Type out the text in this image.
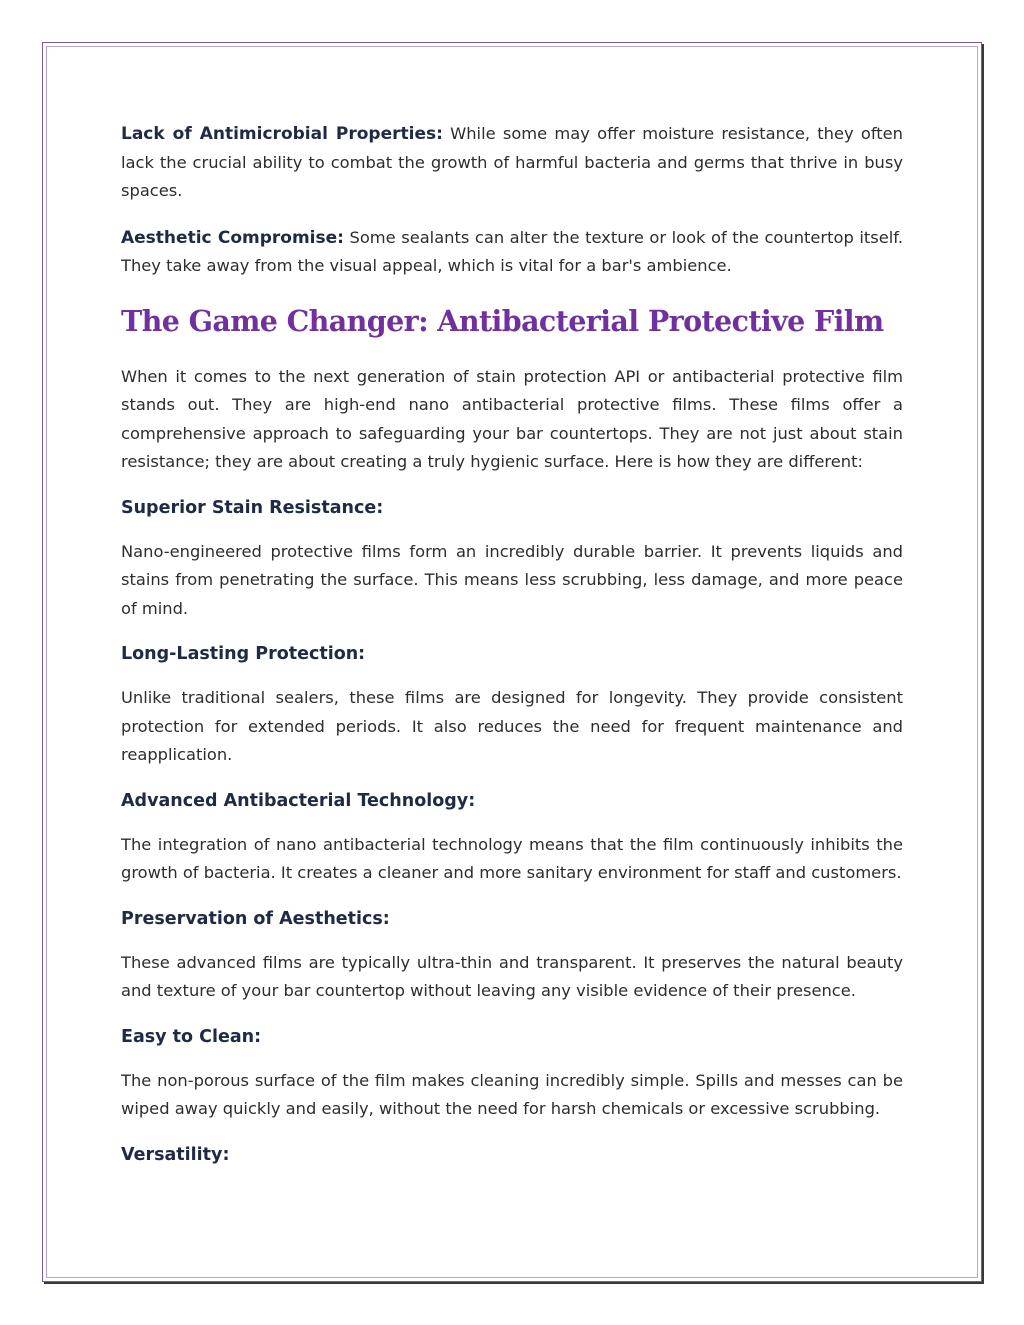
Lack of Antimicrobial Properties: While some may offer moisture resistance, they often lack the crucial ability to combat the growth of harmful bacteria and germs that thrive in busy spaces.

Aesthetic Compromise: Some sealants can alter the texture or look of the countertop itself. They take away from the visual appeal, which is vital for a bar's ambience.

The Game Changer: Antibacterial Protective Film

When it comes to the next generation of stain protection API or antibacterial protective film stands out. They are high-end nano antibacterial protective films. These films offer a comprehensive approach to safeguarding your bar countertops. They are not just about stain resistance; they are about creating a truly hygienic surface. Here is how they are different:

Superior Stain Resistance:

Nano-engineered protective films form an incredibly durable barrier. It prevents liquids and stains from penetrating the surface. This means less scrubbing, less damage, and more peace of mind.

Long-Lasting Protection:

Unlike traditional sealers, these films are designed for longevity. They provide consistent protection for extended periods. It also reduces the need for frequent maintenance and reapplication.

Advanced Antibacterial Technology:

The integration of nano antibacterial technology means that the film continuously inhibits the growth of bacteria. It creates a cleaner and more sanitary environment for staff and customers.

Preservation of Aesthetics:

These advanced films are typically ultra-thin and transparent. It preserves the natural beauty and texture of your bar countertop without leaving any visible evidence of their presence.

Easy to Clean:

The non-porous surface of the film makes cleaning incredibly simple. Spills and messes can be wiped away quickly and easily, without the need for harsh chemicals or excessive scrubbing.

Versatility:
